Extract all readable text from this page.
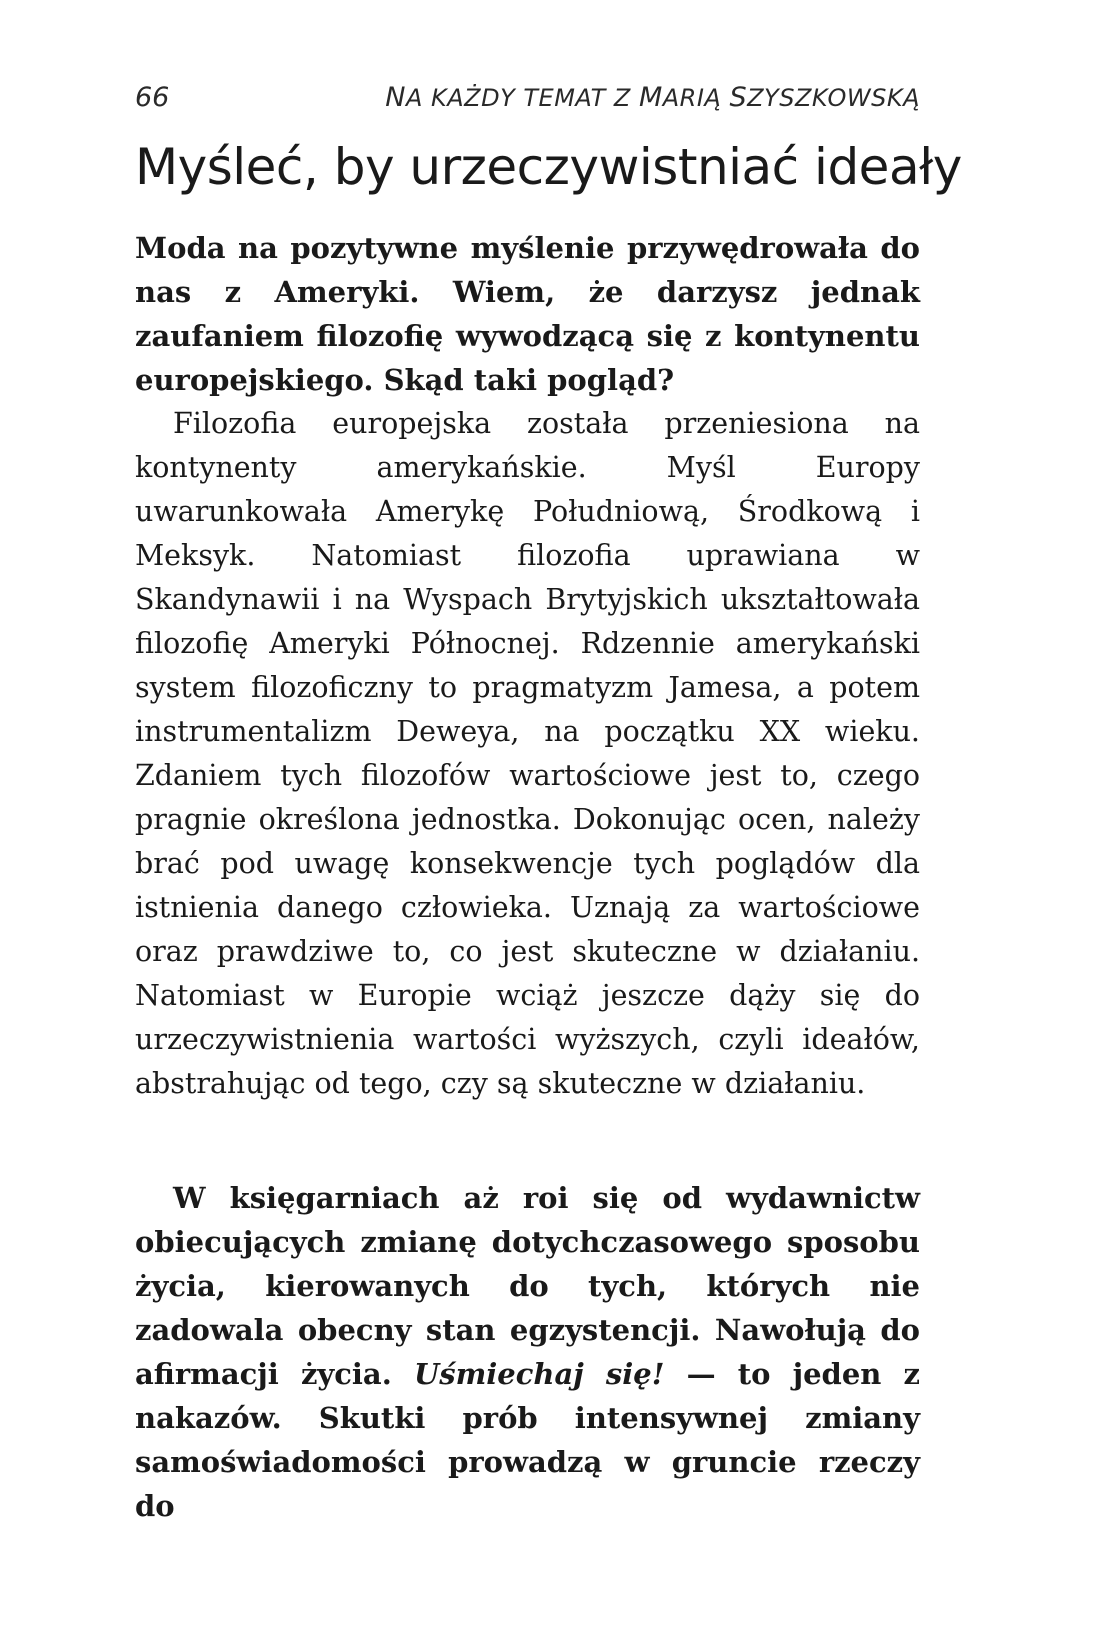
66	NA KAŻDY TEMAT Z MARIĄ SZYSZKOWSKĄ
Myśleć, by urzeczywistniać ideały

Moda na pozytywne myślenie przywędrowała do nas z Ameryki. Wiem, że darzysz jednak zaufaniem filozofię wywodzącą się z kontynentu europejskiego. Skąd taki pogląd?

Filozofia europejska została przeniesiona na kontynenty amerykańskie. Myśl Europy uwarunkowała Amerykę Południową, Środkową i Meksyk. Natomiast filozofia uprawiana w Skandynawii i na Wyspach Brytyjskich ukształtowała filozofię Ameryki Północnej. Rdzennie amerykański system filozoficzny to pragmatyzm Jamesa, a potem instrumentalizm Deweya, na początku XX wieku. Zdaniem tych filozofów wartościowe jest to, czego pragnie określona jednostka. Dokonując ocen, należy brać pod uwagę konsekwencje tych poglądów dla istnienia danego człowieka. Uznają za wartościowe oraz prawdziwe to, co jest skuteczne w działaniu. Natomiast w Europie wciąż jeszcze dąży się do urzeczywistnienia wartości wyższych, czyli ideałów, abstrahując od tego, czy są skuteczne w działaniu.

W księgarniach aż roi się od wydawnictw obiecujących zmianę dotychczasowego sposobu życia, kierowanych do tych, których nie zadowala obecny stan egzystencji. Nawołują do afirmacji życia. Uśmiechaj się! — to jeden z nakazów. Skutki prób intensywnej zmiany samoświadomości prowadzą w gruncie rzeczy do
